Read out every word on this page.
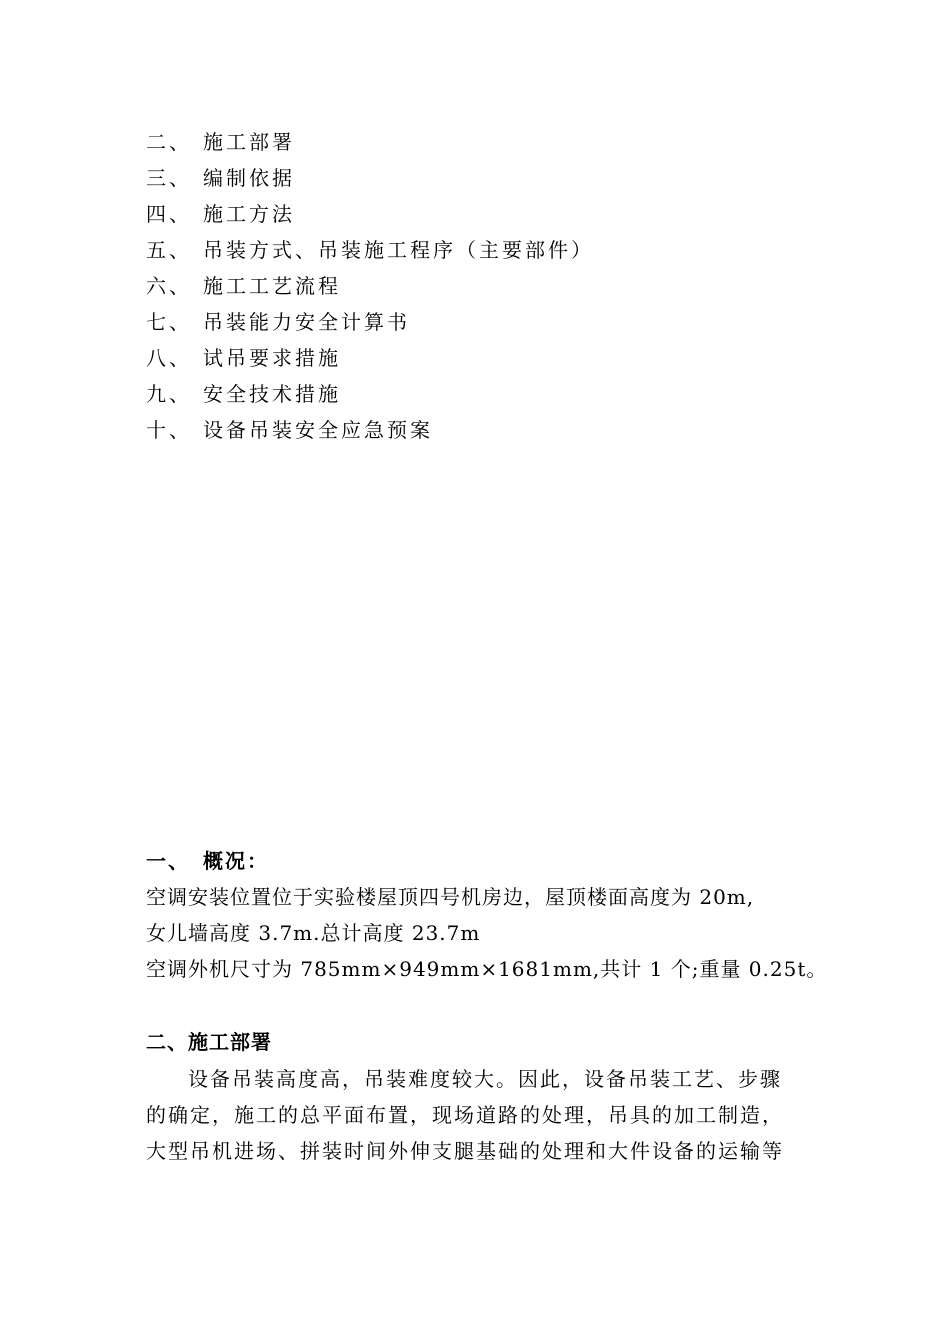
二、 施工部署
三、 编制依据
四、 施工方法
五、 吊装方式、吊装施工程序（主要部件）
六、 施工工艺流程
七、 吊装能力安全计算书
八、 试吊要求措施
九、 安全技术措施
十、 设备吊装安全应急预案
一、 概况：
空调安装位置位于实验楼屋顶四号机房边，屋顶楼面高度为 20m,
女儿墙高度 3.7m.总计高度 23.7m
空调外机尺寸为 785mm×949mm×1681mm,共计 1 个;重量 0.25t。
二、施工部署
设备吊装高度高，吊装难度较大。因此，设备吊装工艺、步骤
的确定，施工的总平面布置，现场道路的处理，吊具的加工制造，
大型吊机进场、拼装时间外伸支腿基础的处理和大件设备的运输等
